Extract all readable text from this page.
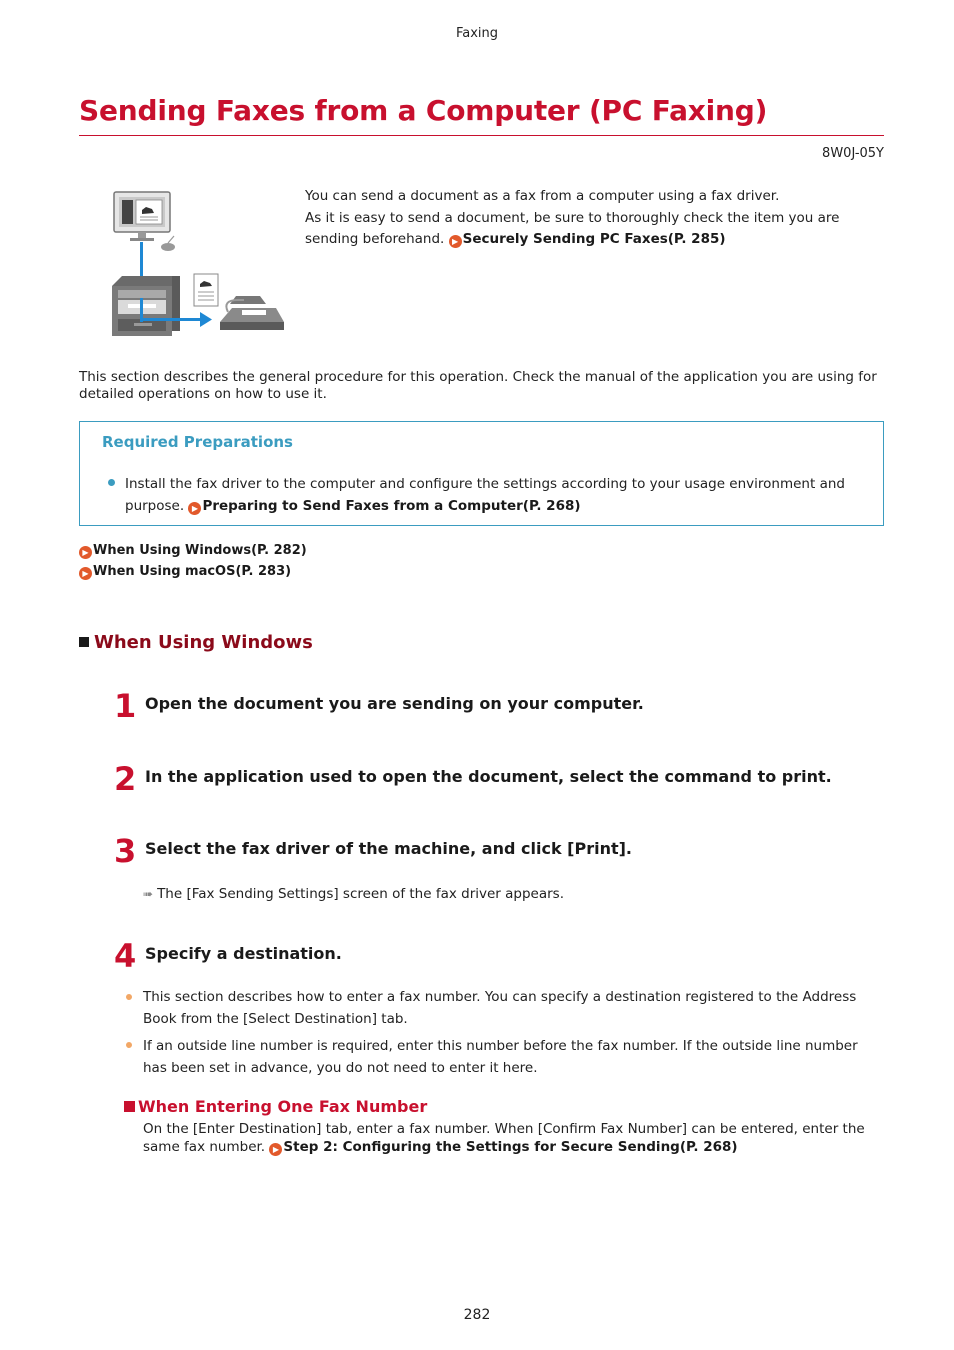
Faxing
Sending Faxes from a Computer (PC Faxing)
8W0J-05Y
You can send a document as a fax from a computer using a fax driver.
As it is easy to send a document, be sure to thoroughly check the item you are
sending beforehand. ▶ Securely Sending PC Faxes(P. 285)
This section describes the general procedure for this operation. Check the manual of the application you are using for detailed operations on how to use it.
Required Preparations
Install the fax driver to the computer and configure the settings according to your usage environment and purpose. ▶ Preparing to Send Faxes from a Computer(P. 268)
▶ When Using Windows(P. 282)
▶ When Using macOS(P. 283)
When Using Windows
1 Open the document you are sending on your computer.
2 In the application used to open the document, select the command to print.
3 Select the fax driver of the machine, and click [Print].
➠ The [Fax Sending Settings] screen of the fax driver appears.
4 Specify a destination.
This section describes how to enter a fax number. You can specify a destination registered to the Address Book from the [Select Destination] tab.
If an outside line number is required, enter this number before the fax number. If the outside line number has been set in advance, you do not need to enter it here.
When Entering One Fax Number
On the [Enter Destination] tab, enter a fax number. When [Confirm Fax Number] can be entered, enter the same fax number. ▶ Step 2: Configuring the Settings for Secure Sending(P. 268)
282
